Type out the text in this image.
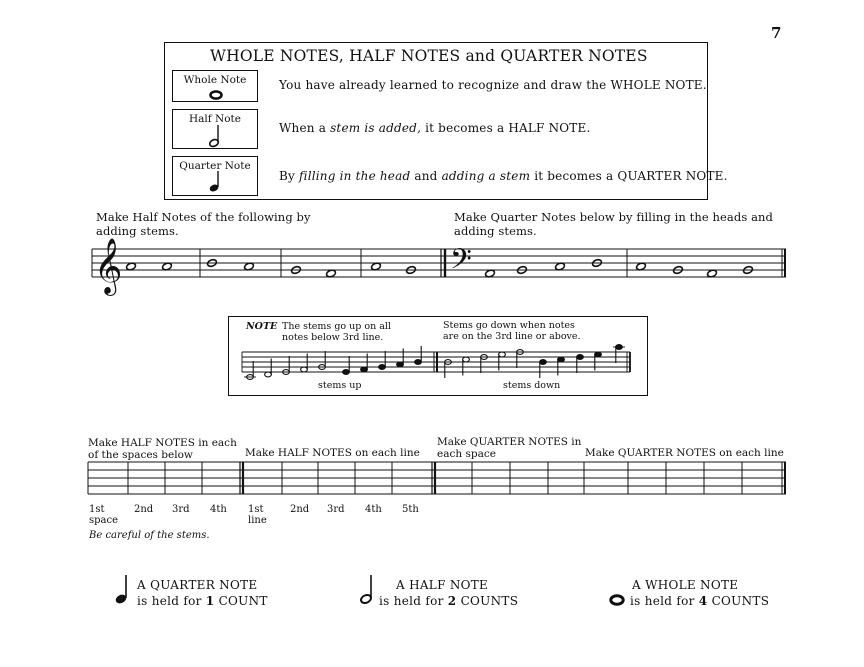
7
WHOLE NOTES, HALF NOTES and QUARTER NOTES
Whole Note
Half Note
Quarter Note
You have already learned to recognize and draw the WHOLE NOTE.
When a stem is added, it becomes a HALF NOTE.
By filling in the head and adding a stem it becomes a QUARTER NOTE.
Make Half Notes of the following by adding stems.
Make Quarter Notes below by filling in the heads and adding stems.
𝄞	𝄢
NOTE The stems go up on all notes below 3rd line.
Stems go down when notes are on the 3rd line or above.
stems up	stems down
Make HALF NOTES in each of the spaces below	Make HALF NOTES on each line
Make QUARTER NOTES in each space	Make QUARTER NOTES on each line
1st space
2nd 3rd 4th 1st line
2nd 3rd 4th 5th
Be careful of the stems.
A QUARTER NOTE
is held for 1 COUNT
A HALF NOTE
is held for 2 COUNTS
A WHOLE NOTE
is held for 4 COUNTS
